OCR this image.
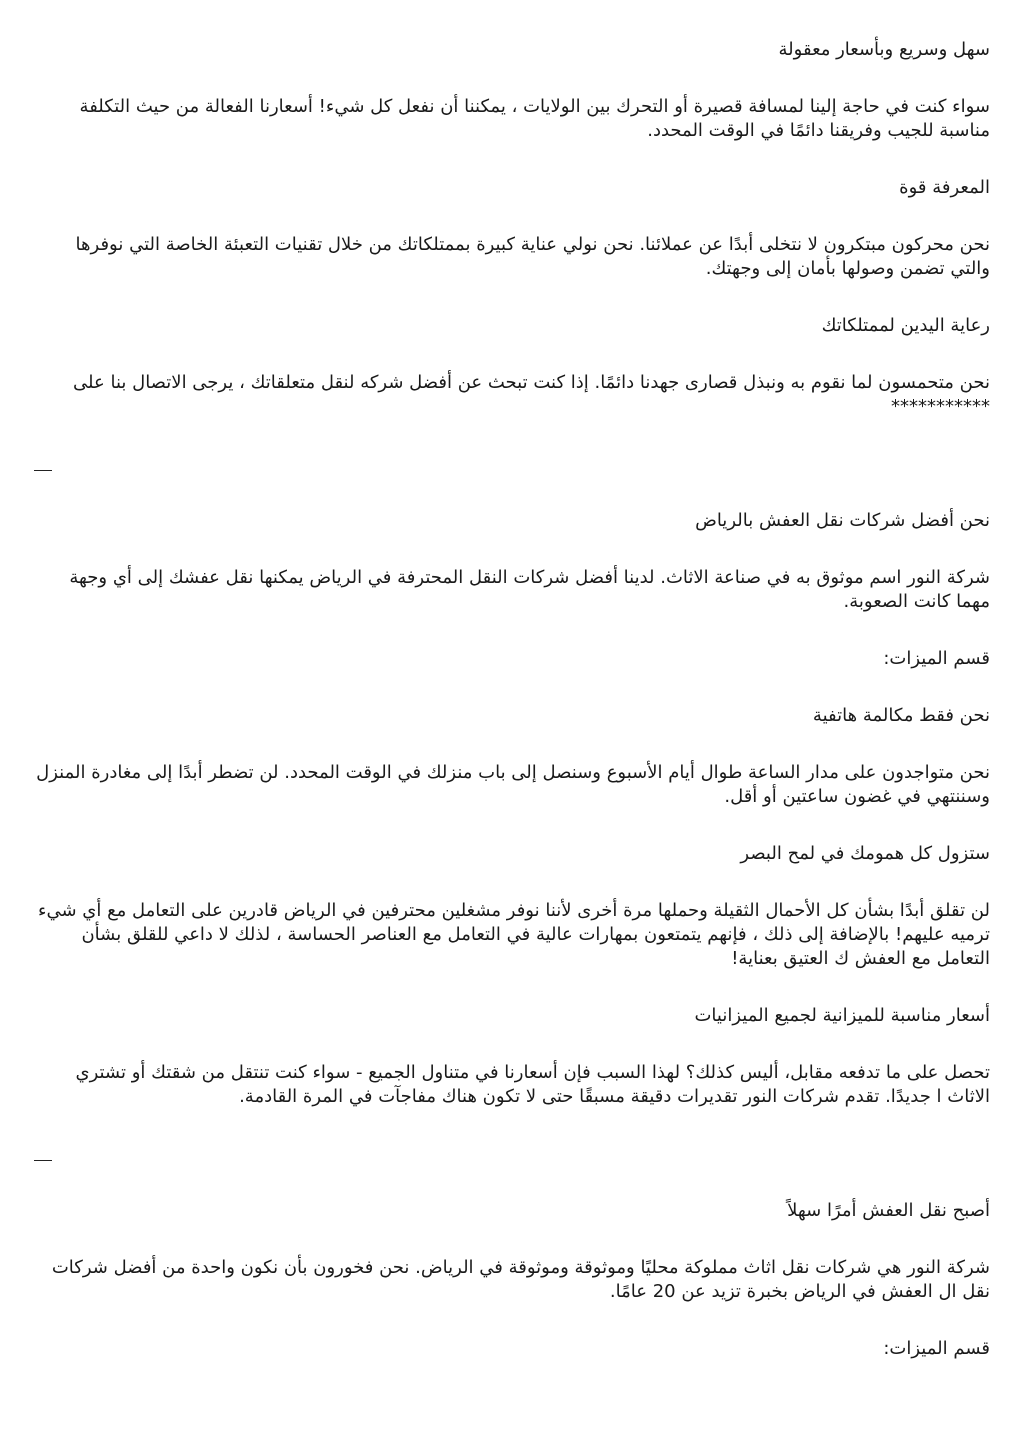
سهل وسريع وبأسعار معقولة
سواء كنت في حاجة إلينا لمسافة قصيرة أو التحرك بين الولايات ، يمكننا أن نفعل كل شيء! أسعارنا الفعالة من حيث التكلفة مناسبة للجيب وفريقنا دائمًا في الوقت المحدد.
المعرفة قوة
نحن محركون مبتكرون لا نتخلى أبدًا عن عملائنا. نحن نولي عناية كبيرة بممتلكاتك من خلال تقنيات التعبئة الخاصة التي نوفرها والتي تضمن وصولها بأمان إلى وجهتك.
رعاية اليدين لممتلكاتك
نحن متحمسون لما نقوم به ونبذل قصارى جهدنا دائمًا. إذا كنت تبحث عن أفضل شركه لنقل متعلقاتك ، يرجى الاتصال بنا على ***********
نحن أفضل شركات نقل العفش بالرياض
شركة النور اسم موثوق به في صناعة الاثاث. لدينا أفضل شركات النقل المحترفة في الرياض يمكنها نقل عفشك إلى أي وجهة مهما كانت الصعوبة.
قسم الميزات:
نحن فقط مكالمة هاتفية
نحن متواجدون على مدار الساعة طوال أيام الأسبوع وسنصل إلى باب منزلك في الوقت المحدد. لن تضطر أبدًا إلى مغادرة المنزل وسننتهي في غضون ساعتين أو أقل.
ستزول كل همومك في لمح البصر
لن تقلق أبدًا بشأن كل الأحمال الثقيلة وحملها مرة أخرى لأننا نوفر مشغلين محترفين في الرياض قادرين على التعامل مع أي شيء ترميه عليهم! بالإضافة إلى ذلك ، فإنهم يتمتعون بمهارات عالية في التعامل مع العناصر الحساسة ، لذلك لا داعي للقلق بشأن التعامل مع العفش ك العتيق بعناية!
أسعار مناسبة للميزانية لجميع الميزانيات
تحصل على ما تدفعه مقابل، أليس كذلك؟ لهذا السبب فإن أسعارنا في متناول الجميع - سواء كنت تنتقل من شقتك أو تشتري الاثاث ا جديدًا. تقدم شركات النور تقديرات دقيقة مسبقًا حتى لا تكون هناك مفاجآت في المرة القادمة.
أصبح نقل العفش أمرًا سهلاً
شركة النور هي شركات نقل اثاث مملوكة محليًا وموثوقة وموثوقة في الرياض. نحن فخورون بأن نكون واحدة من أفضل شركات نقل ال العفش في الرياض بخبرة تزيد عن 20 عامًا.
قسم الميزات:
